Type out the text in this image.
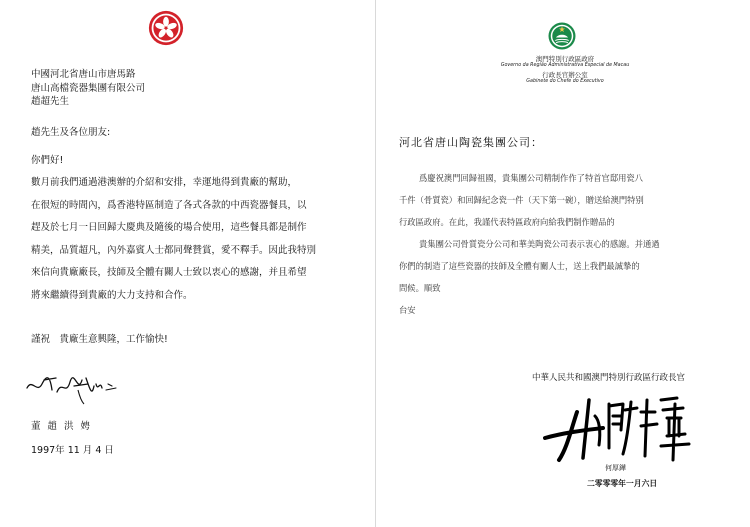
中國河北省唐山市唐馬路
唐山高檔瓷器集團有限公司
趙超先生
趙先生及各位朋友:
你們好!
數月前我們通過港澳辦的介紹和安排，幸運地得到貴廠的幫助，
在很短的時間內，爲香港特區制造了各式各款的中西瓷器餐具，以
趕及於七月一日回歸大慶典及隨後的場合使用，這些餐具都是制作
精美，品質超凡，內外嘉賓人士都同聲贊賞，愛不釋手。因此我特別
來信向貴廠廠長，技師及全體有關人士致以衷心的感謝，并且希望
將來繼續得到貴廠的大力支持和合作。
謹祝　貴廠生意興隆，工作愉快!
董 趙 洪 娉
1997年 11 月 4 日
澳門特別行政區政府
Governo da Região Administrativa Especial de Macau
行政長官辦公室
Gabinete do Chefe do Executivo
河北省唐山陶瓷集團公司：
爲慶祝澳門回歸祖國，貴集團公司精制作作了特首官邸用瓷八
千件（骨質瓷）和回歸紀念瓷一件（天下第一碗），贈送給澳門特别
行政區政府。在此，我謹代表特區政府向給我們制作贈品的
貴集團公司骨質瓷分公司和華美陶瓷公司表示衷心的感謝。并通過
你們的制造了這些瓷器的技師及全體有關人士，送上我們最誠摯的
問候。順致
台安
中華人民共和國澳門特別行政區行政長官
何厚鏵
二零零零年一月六日
